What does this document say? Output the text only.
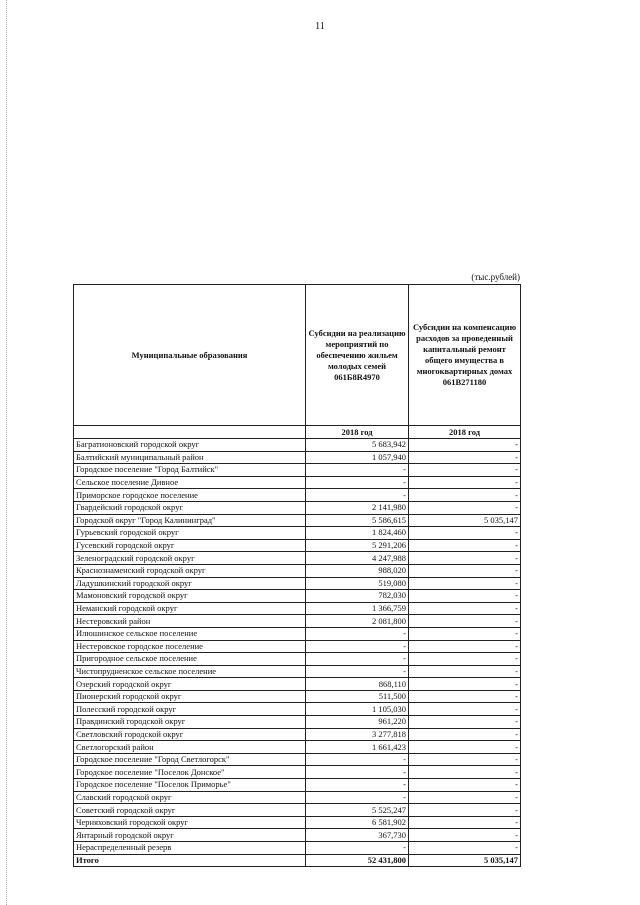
11
(тыс.рублей)
Муниципальные образования	Субсидии на реализацию мероприятий по обеспечению жильем молодых семей 061Б8R4970	Субсидии на компенсацию расходов за проведенный капитальный ремонт общего имущества в многоквартирных домах 061В271180
	2018 год	2018 год
Багратионовский городской округ	5 683,942	-
Балтийский муниципальный район	1 057,940	-
Городское поселение "Город Балтийск"	-	-
Сельское поселение Дивное	-	-
Приморское городское поселение	-	-
Гвардейский городской округ	2 141,980	-
Городской округ "Город Калининград"	5 586,615	5 035,147
Гурьевский городской округ	1 824,460	-
Гусевский городской округ	5 291,206	-
Зеленоградский городской округ	4 247,988	-
Краснознаменский городской округ	988,020	-
Ладушкинский городской округ	519,080	-
Мамоновский городской округ	782,030	-
Неманский городской округ	1 366,759	-
Нестеровский район	2 081,800	-
Илюшинское сельское поселение	-	-
Нестеровское городское поселение	-	-
Пригородное сельское поселение	-	-
Чистопрудненское сельское поселение	-	-
Озерский городской округ	868,110	-
Пионерский городской округ	511,500	-
Полесский городской округ	1 105,030	-
Правдинский городской округ	961,220	-
Светловский городской округ	3 277,818	-
Светлогорский район	1 661,423	-
Городское поселение "Город Светлогорск"	-	-
Городское поселение "Поселок Донское"	-	-
Городское поселение "Поселок Приморье"	-	-
Славский городской округ	-	-
Советский городской округ	5 525,247	-
Черняховский городской округ	6 581,902	-
Янтарный городской округ	367,730	-
Нераспределенный резерв	-	-
Итого	52 431,800	5 035,147
